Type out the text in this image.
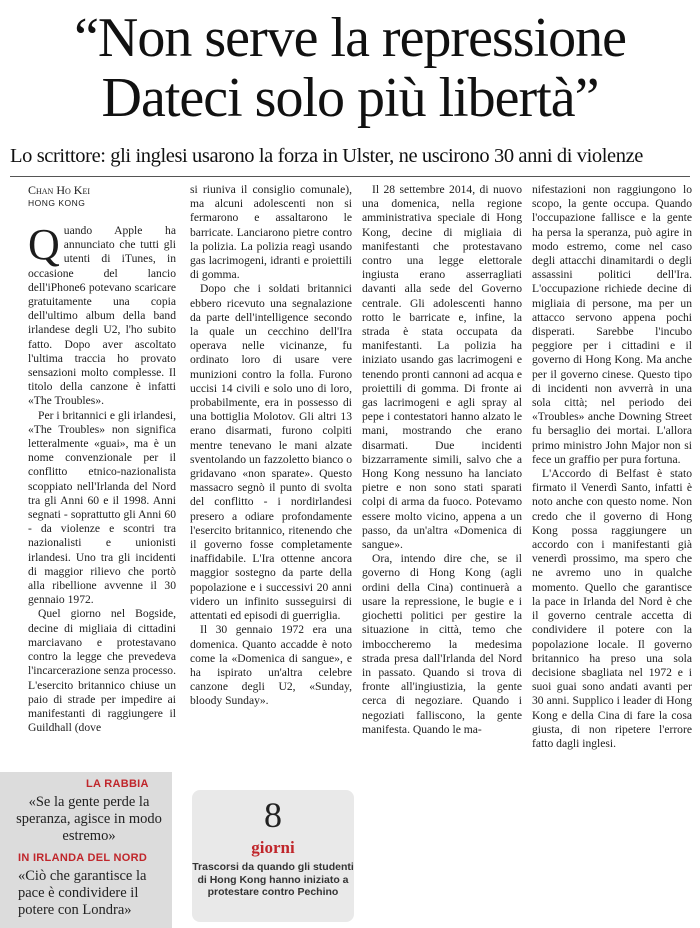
“Non serve la repressione
Dateci solo più libertà”
Lo scrittore: gli inglesi usarono la forza in Ulster, ne uscirono 30 anni di violenze
Chan Ho Kei
HONG KONG

Quando Apple ha annunciato che tutti gli utenti di iTunes, in occasione del lancio dell'iPhone6 potevano scaricare gratuitamente una copia dell'ultimo album della band irlandese degli U2, l'ho subito fatto. Dopo aver ascoltato l'ultima traccia ho provato sensazioni molto complesse. Il titolo della canzone è infatti «The Troubles».

Per i britannici e gli irlandesi, «The Troubles» non significa letteralmente «guai», ma è un nome convenzionale per il conflitto etnico-nazionalista scoppiato nell'Irlanda del Nord tra gli Anni 60 e il 1998. Anni segnati - soprattutto gli Anni 60 - da violenze e scontri tra nazionalisti e unionisti irlandesi. Uno tra gli incidenti di maggior rilievo che portò alla ribellione avvenne il 30 gennaio 1972.

Quel giorno nel Bogside, decine di migliaia di cittadini marciavano e protestavano contro la legge che prevedeva l'incarcerazione senza processo. L'esercito britannico chiuse un paio di strade per impedire ai manifestanti di raggiungere il Guildhall (dove

si riuniva il consiglio comunale), ma alcuni adolescenti non si fermarono e assaltarono le barricate. Lanciarono pietre contro la polizia. La polizia reagì usando gas lacrimogeni, idranti e proiettili di gomma.

Dopo che i soldati britannici ebbero ricevuto una segnalazione da parte dell'intelligence secondo la quale un cecchino dell'Ira operava nelle vicinanze, fu ordinato loro di usare vere munizioni contro la folla. Furono uccisi 14 civili e solo uno di loro, probabilmente, era in possesso di una bottiglia Molotov. Gli altri 13 erano disarmati, furono colpiti mentre tenevano le mani alzate sventolando un fazzoletto bianco o gridavano «non sparate». Questo massacro segnò il punto di svolta del conflitto - i nordirlandesi presero a odiare profondamente l'esercito britannico, ritenendo che il governo fosse completamente inaffidabile. L'Ira ottenne ancora maggior sostegno da parte della popolazione e i successivi 20 anni videro un infinito susseguirsi di attentati ed episodi di guerriglia.

Il 30 gennaio 1972 era una domenica. Quanto accadde è noto come la «Domenica di sangue», e ha ispirato un'altra celebre canzone degli U2, «Sunday, bloody Sunday».

Il 28 settembre 2014, di nuovo una domenica, nella regione amministrativa speciale di Hong Kong, decine di migliaia di manifestanti che protestavano contro una legge elettorale ingiusta erano asserragliati davanti alla sede del Governo centrale. Gli adolescenti hanno rotto le barricate e, infine, la strada è stata occupata da manifestanti. La polizia ha iniziato usando gas lacrimogeni e tenendo pronti cannoni ad acqua e proiettili di gomma. Di fronte ai gas lacrimogeni e agli spray al pepe i contestatori hanno alzato le mani, mostrando che erano disarmati. Due incidenti bizzarramente simili, salvo che a Hong Kong nessuno ha lanciato pietre e non sono stati sparati colpi di arma da fuoco. Potevamo essere molto vicino, appena a un passo, da un'altra «Domenica di sangue».

Ora, intendo dire che, se il governo di Hong Kong (agli ordini della Cina) continuerà a usare la repressione, le bugie e i giochetti politici per gestire la situazione in città, temo che imboccheremo la medesima strada presa dall'Irlanda del Nord in passato. Quando si trova di fronte all'ingiustizia, la gente cerca di negoziare. Quando i negoziati falliscono, la gente manifesta. Quando le ma-

nifestazioni non raggiungono lo scopo, la gente occupa. Quando l'occupazione fallisce e la gente ha persa la speranza, può agire in modo estremo, come nel caso degli attacchi dinamitardi o degli assassini politici dell'Ira. L'occupazione richiede decine di migliaia di persone, ma per un attacco servono appena pochi disperati. Sarebbe l'incubo peggiore per i cittadini e il governo di Hong Kong. Ma anche per il governo cinese. Questo tipo di incidenti non avverrà in una sola città; nel periodo dei «Troubles» anche Downing Street fu bersaglio dei mortai. L'allora primo ministro John Major non si fece un graffio per pura fortuna.

L'Accordo di Belfast è stato firmato il Venerdì Santo, infatti è noto anche con questo nome. Non credo che il governo di Hong Kong possa raggiungere un accordo con i manifestanti già venerdì prossimo, ma spero che ne avremo uno in qualche momento. Quello che garantisce la pace in Irlanda del Nord è che il governo centrale accetta di condividere il potere con la popolazione locale. Il governo britannico ha preso una sola decisione sbagliata nel 1972 e i suoi guai sono andati avanti per 30 anni. Supplico i leader di Hong Kong e della Cina di fare la cosa giusta, di non ripetere l'errore fatto dagli inglesi.

LA RABBIA
«Se la gente perde la speranza, agisce in modo estremo»
IN IRLANDA DEL NORD
«Ciò che garantisce la pace è condividere il potere con Londra»
8
giorni
Trascorsi da quando gli studenti di Hong Kong hanno iniziato a protestare contro Pechino
